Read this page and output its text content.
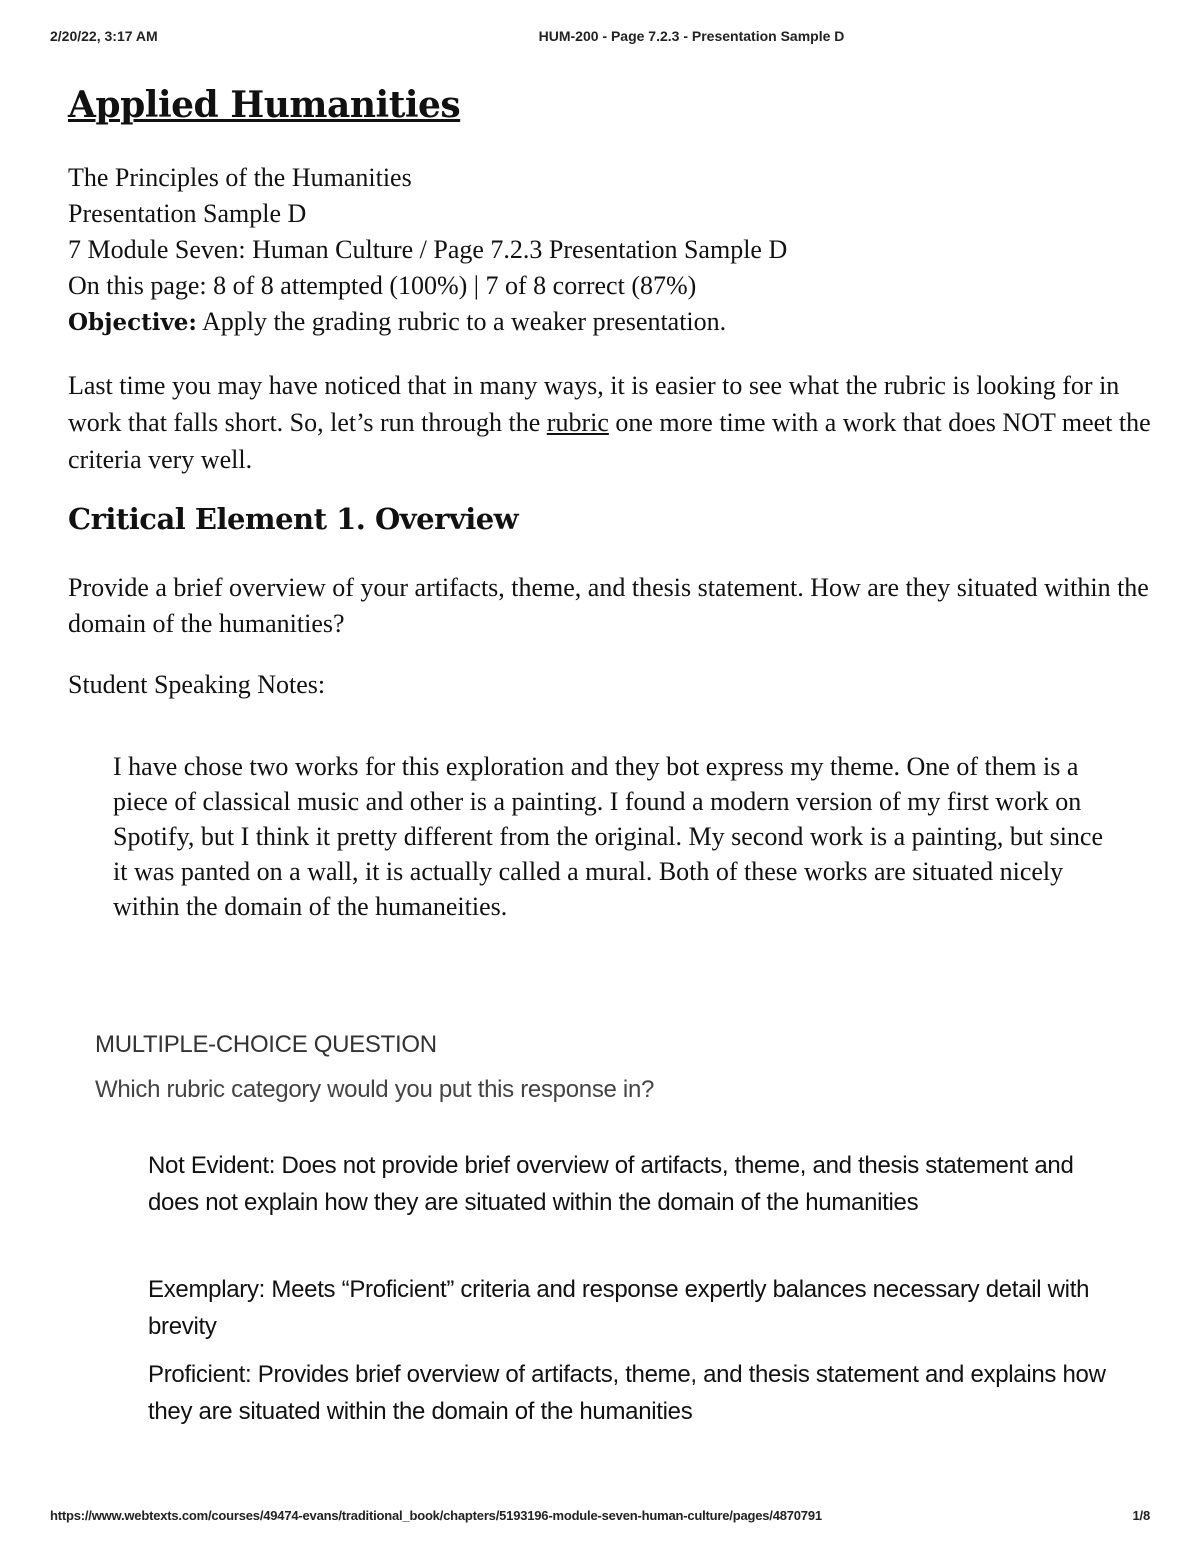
2/20/22, 3:17 AM	HUM-200 - Page 7.2.3 - Presentation Sample D
Applied Humanities
The Principles of the Humanities
Presentation Sample D
7 Module Seven: Human Culture / Page 7.2.3 Presentation Sample D
On this page: 8 of 8 attempted (100%) | 7 of 8 correct (87%)
Objective: Apply the grading rubric to a weaker presentation.

Last time you may have noticed that in many ways, it is easier to see what the rubric is looking for in work that falls short. So, let’s run through the rubric one more time with a work that does NOT meet the criteria very well.

Critical Element 1. Overview

Provide a brief overview of your artifacts, theme, and thesis statement. How are they situated within the domain of the humanities?

Student Speaking Notes:

I have chose two works for this exploration and they bot express my theme. One of them is a piece of classical music and other is a painting. I found a modern version of my first work on Spotify, but I think it pretty different from the original. My second work is a painting, but since it was panted on a wall, it is actually called a mural. Both of these works are situated nicely within the domain of the humaneities.

MULTIPLE-CHOICE QUESTION
Which rubric category would you put this response in?
Not Evident: Does not provide brief overview of artifacts, theme, and thesis statement and does not explain how they are situated within the domain of the humanities
Exemplary: Meets “Proficient” criteria and response expertly balances necessary detail with brevity
Proficient: Provides brief overview of artifacts, theme, and thesis statement and explains how they are situated within the domain of the humanities
https://www.webtexts.com/courses/49474-evans/traditional_book/chapters/5193196-module-seven-human-culture/pages/4870791	1/8
